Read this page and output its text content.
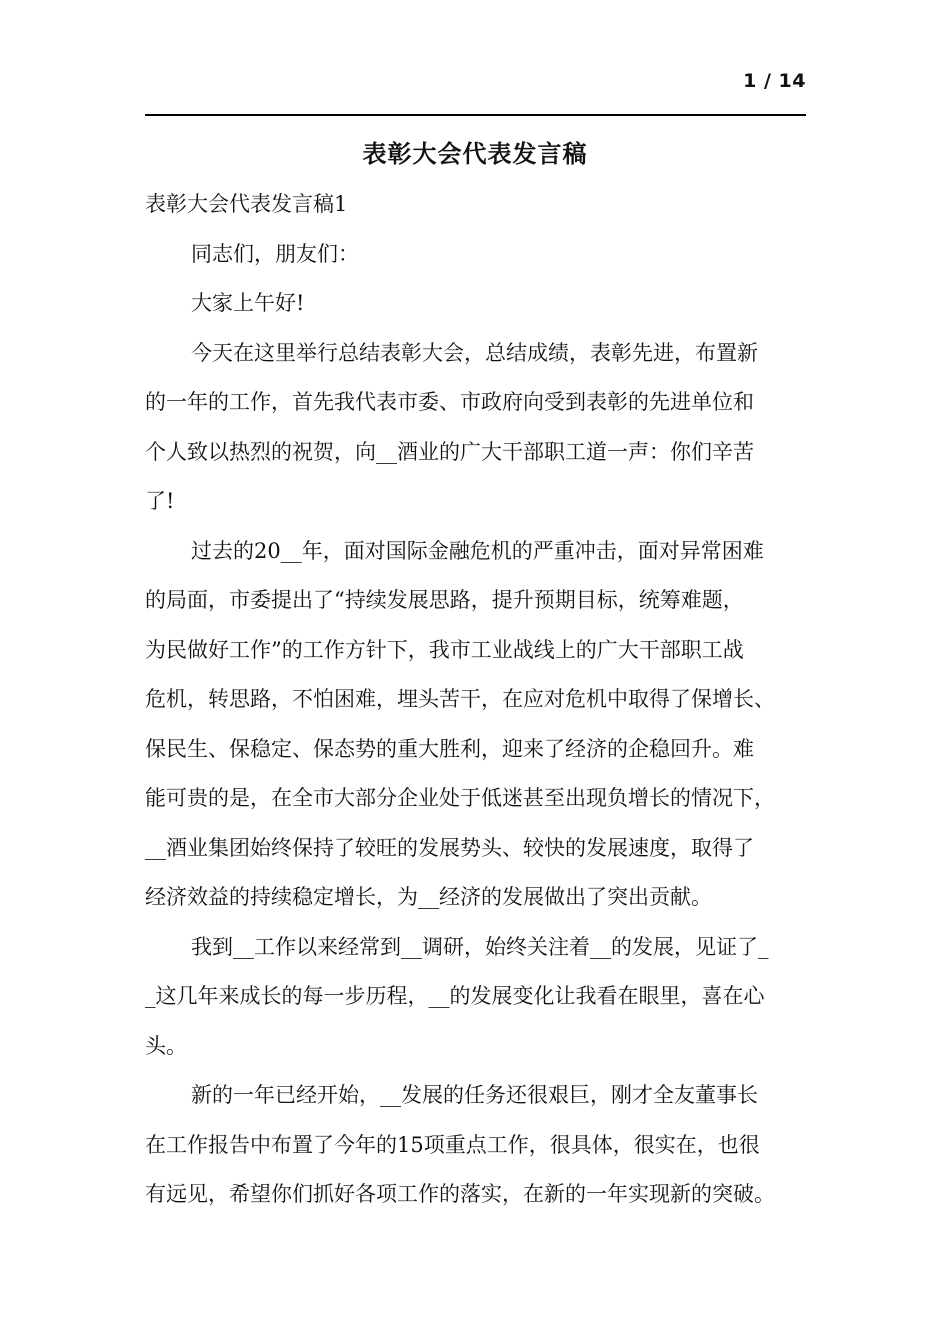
1 / 14
表彰大会代表发言稿

表彰大会代表发言稿1

同志们，朋友们：

大家上午好!

今天在这里举行总结表彰大会，总结成绩，表彰先进，布置新

的一年的工作，首先我代表市委、市政府向受到表彰的先进单位和

个人致以热烈的祝贺，向__酒业的广大干部职工道一声：你们辛苦

了!

过去的20__年，面对国际金融危机的严重冲击，面对异常困难

的局面，市委提出了“持续发展思路，提升预期目标，统筹难题，

为民做好工作”的工作方针下，我市工业战线上的广大干部职工战

危机，转思路，不怕困难，埋头苦干，在应对危机中取得了保增长、

保民生、保稳定、保态势的重大胜利，迎来了经济的企稳回升。难

能可贵的是，在全市大部分企业处于低迷甚至出现负增长的情况下，

__酒业集团始终保持了较旺的发展势头、较快的发展速度，取得了

经济效益的持续稳定增长，为__经济的发展做出了突出贡献。

我到__工作以来经常到__调研，始终关注着__的发展，见证了_

_这几年来成长的每一步历程，__的发展变化让我看在眼里，喜在心

头。

新的一年已经开始，__发展的任务还很艰巨，刚才全友董事长

在工作报告中布置了今年的15项重点工作，很具体，很实在，也很

有远见，希望你们抓好各项工作的落实，在新的一年实现新的突破。
